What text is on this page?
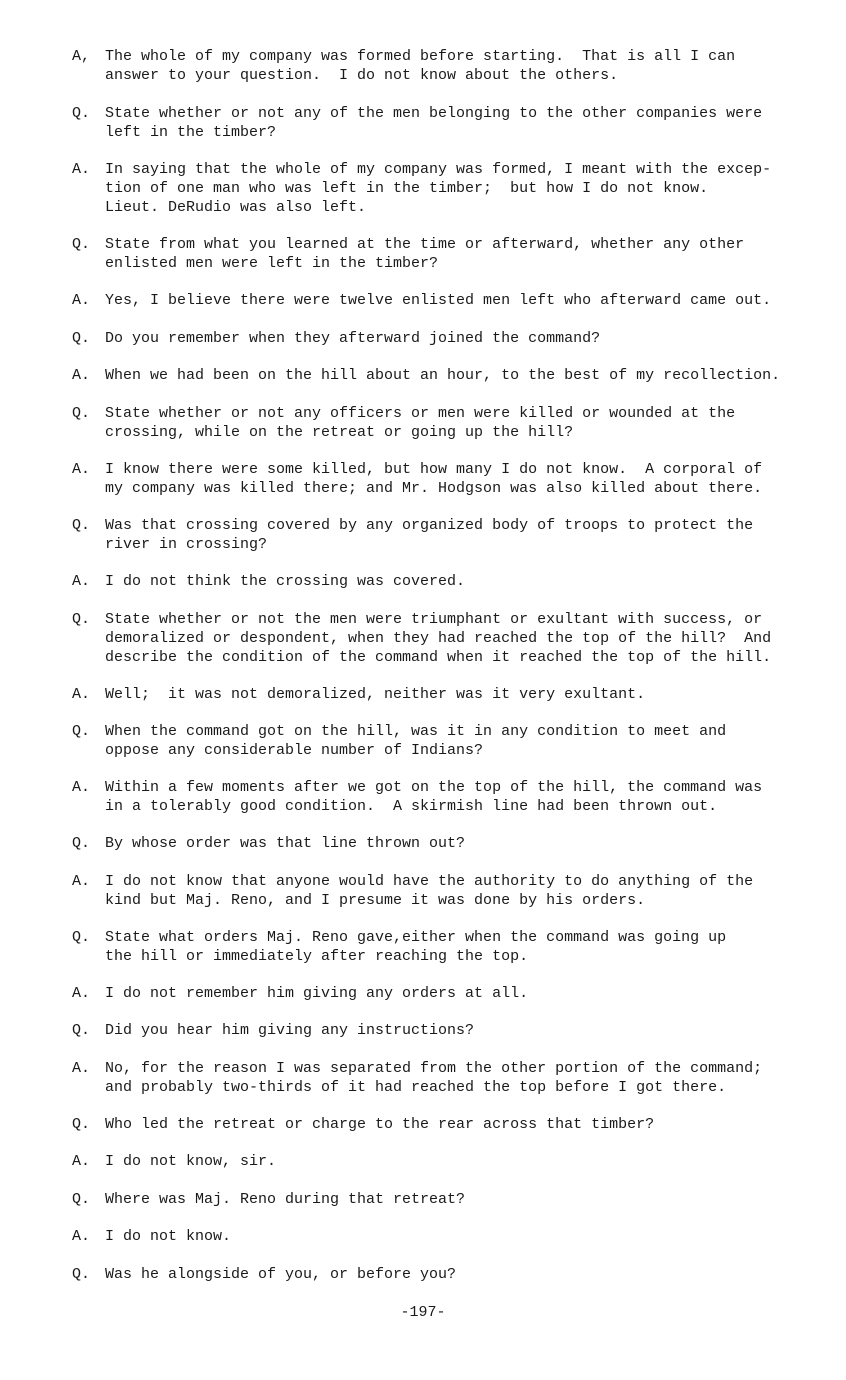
A, The whole of my company was formed before starting.  That is all I can
answer to your question.  I do not know about the others.
Q. State whether or not any of the men belonging to the other companies were
left in the timber?
A. In saying that the whole of my company was formed, I meant with the excep-
tion of one man who was left in the timber;  but how I do not know.
Lieut. DeRudio was also left.
Q. State from what you learned at the time or afterward, whether any other
enlisted men were left in the timber?
A. Yes, I believe there were twelve enlisted men left who afterward came out.
Q. Do you remember when they afterward joined the command?
A. When we had been on the hill about an hour, to the best of my recollection.
Q. State whether or not any officers or men were killed or wounded at the
crossing, while on the retreat or going up the hill?
A. I know there were some killed, but how many I do not know.  A corporal of
my company was killed there; and Mr. Hodgson was also killed about there.
Q. Was that crossing covered by any organized body of troops to protect the
river in crossing?
A. I do not think the crossing was covered.
Q. State whether or not the men were triumphant or exultant with success, or
demoralized or despondent, when they had reached the top of the hill?  And
describe the condition of the command when it reached the top of the hill.
A. Well;  it was not demoralized, neither was it very exultant.
Q. When the command got on the hill, was it in any condition to meet and
oppose any considerable number of Indians?
A. Within a few moments after we got on the top of the hill, the command was
in a tolerably good condition.  A skirmish line had been thrown out.
Q. By whose order was that line thrown out?
A. I do not know that anyone would have the authority to do anything of the
kind but Maj. Reno, and I presume it was done by his orders.
Q. State what orders Maj. Reno gave,either when the command was going up
the hill or immediately after reaching the top.
A. I do not remember him giving any orders at all.
Q. Did you hear him giving any instructions?
A. No, for the reason I was separated from the other portion of the command;
and probably two-thirds of it had reached the top before I got there.
Q. Who led the retreat or charge to the rear across that timber?
A. I do not know, sir.
Q. Where was Maj. Reno during that retreat?
A. I do not know.
Q. Was he alongside of you, or before you?
-197-
